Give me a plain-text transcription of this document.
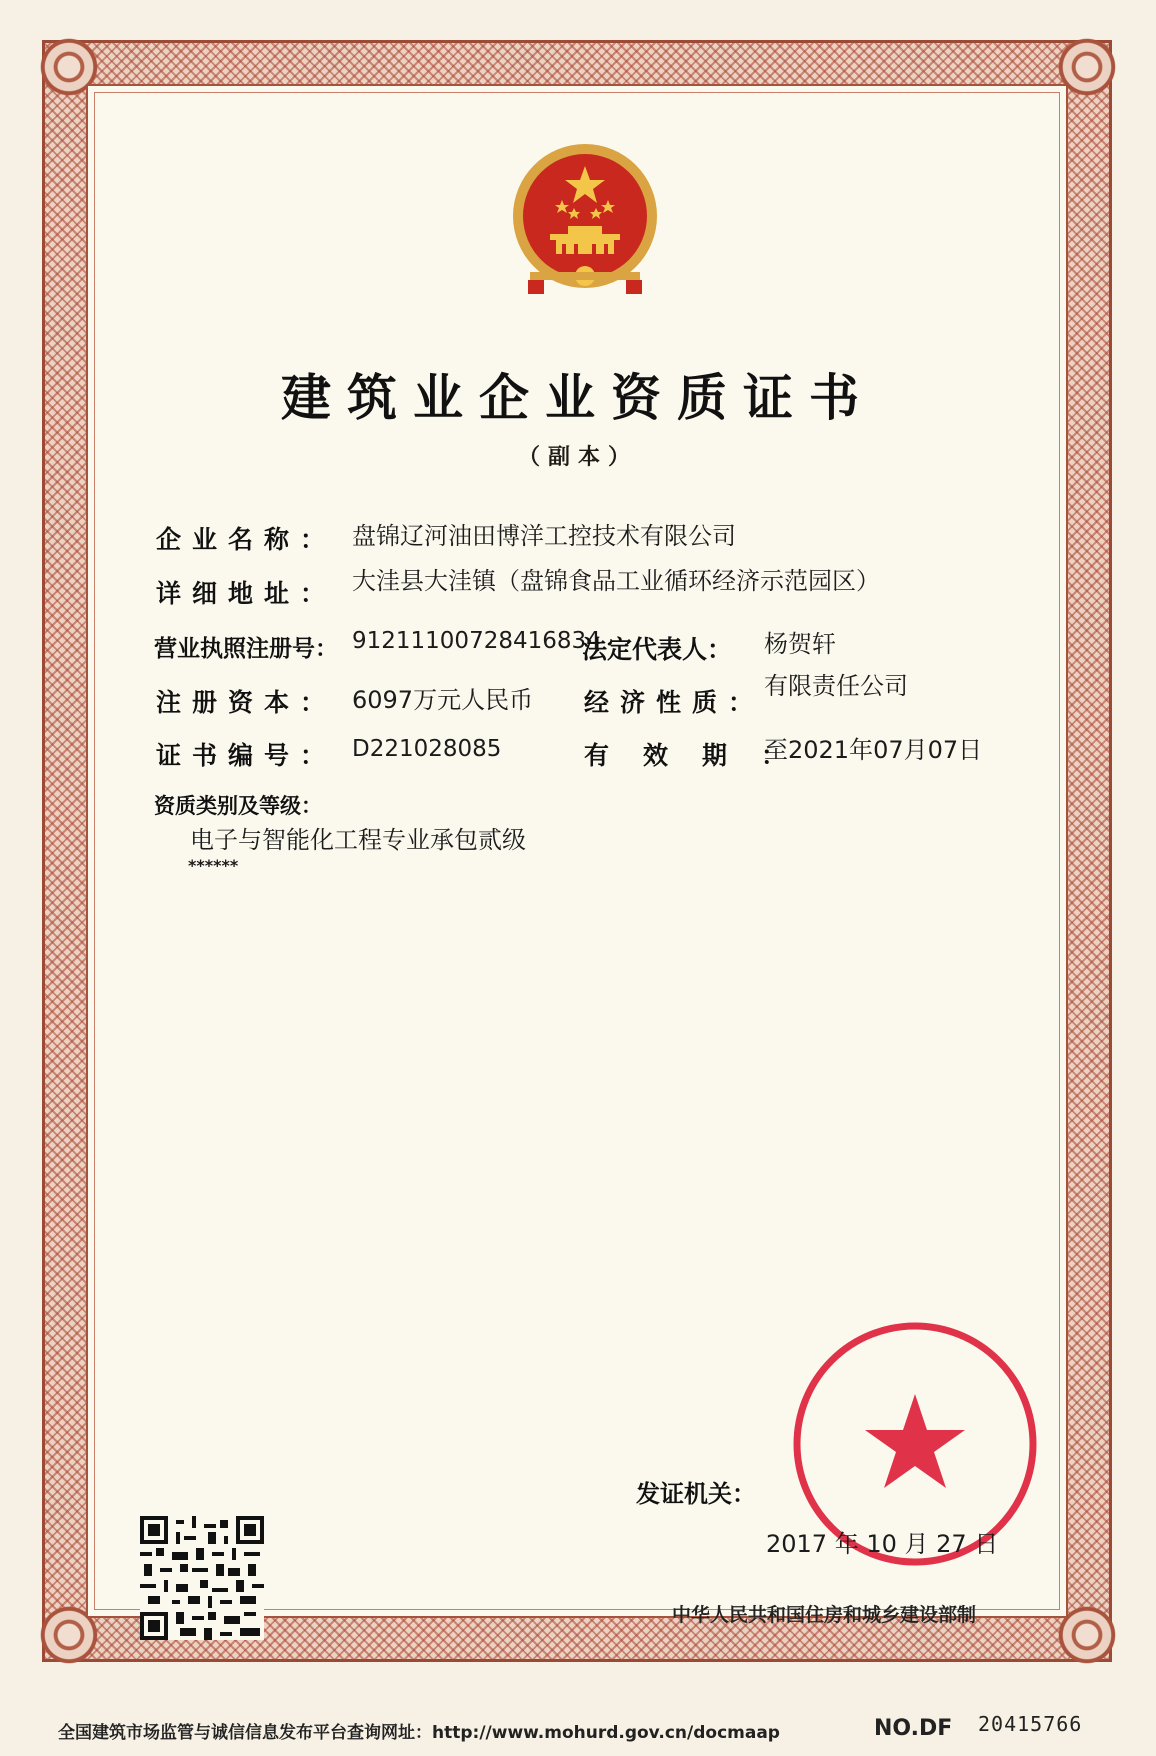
建筑业企业资质证书
（副本）
企业名称： 盘锦辽河油田博洋工控技术有限公司
详细地址： 大洼县大洼镇（盘锦食品工业循环经济示范园区）
营业执照注册号： 91211100728416834
法定代表人： 杨贺轩
注册资本： 6097万元人民币 经济性质：
有限责任公司
证书编号： D221028085	有效期：
至2021年07月07日
资质类别及等级：
电子与智能化工程专业承包贰级
******
发证机关：
2017 年 10 月 27 日
中华人民共和国住房和城乡建设部制
全国建筑市场监管与诚信信息发布平台查询网址：http://www.mohurd.gov.cn/docmaap	NO.DF 20415766
